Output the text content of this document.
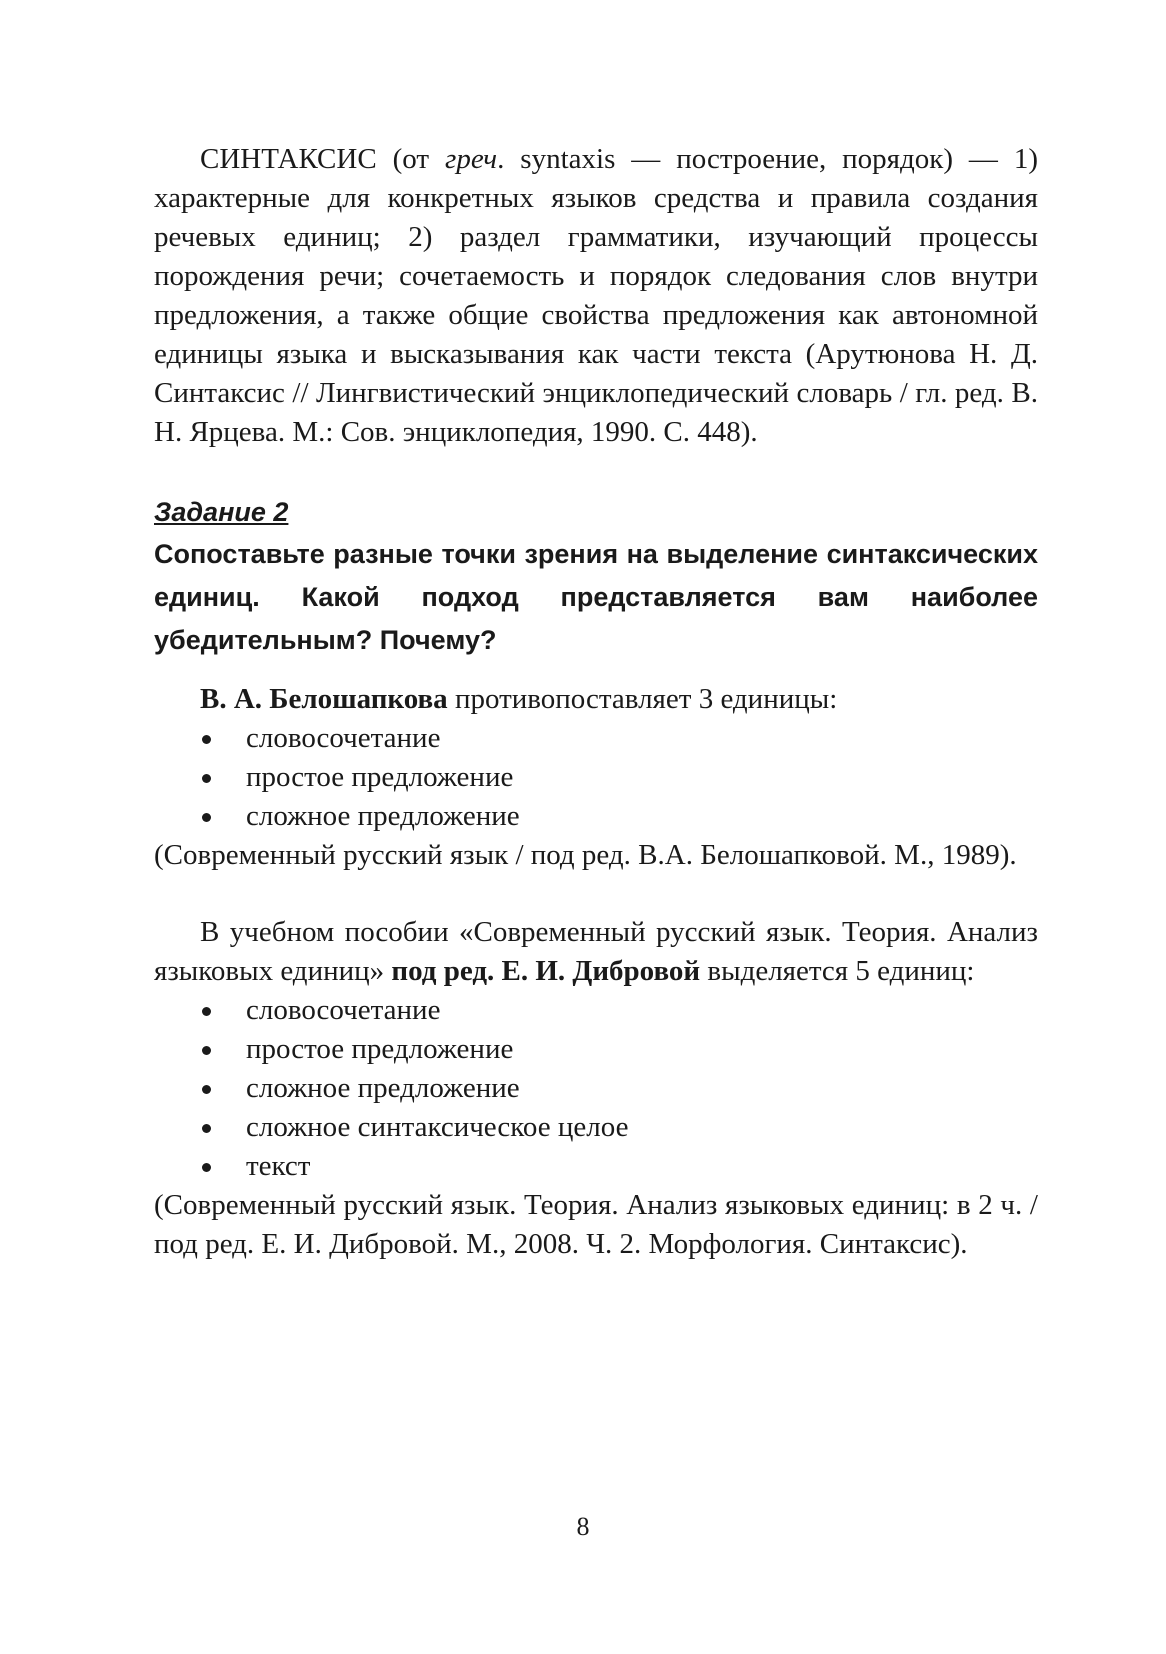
СИНТАКСИС (от греч. syntaxis — построение, порядок) — 1) характерные для конкретных языков средства и правила создания речевых единиц; 2) раздел грамматики, изучающий процессы порождения речи; сочетаемость и порядок следования слов внутри предложения, а также общие свойства предложения как автономной единицы языка и высказывания как части текста (Арутюнова Н. Д. Синтаксис // Лингвистический энциклопедический словарь / гл. ред. В. Н. Ярцева. М.: Сов. энциклопедия, 1990. С. 448).

Задание 2

Сопоставьте разные точки зрения на выделение синтаксических единиц. Какой подход представляется вам наиболее убедительным? Почему?

В. А. Белошапкова противопоставляет 3 единицы:

словосочетание
простое предложение
сложное предложение

(Современный русский язык / под ред. В.А. Белошапковой. М., 1989).

В учебном пособии «Современный русский язык. Теория. Анализ языковых единиц» под ред. Е. И. Дибровой выделяется 5 единиц:

словосочетание
простое предложение
сложное предложение
сложное синтаксическое целое
текст

(Современный русский язык. Теория. Анализ языковых единиц: в 2 ч. / под ред. Е. И. Дибровой. М., 2008. Ч. 2. Морфология. Синтаксис).

8
